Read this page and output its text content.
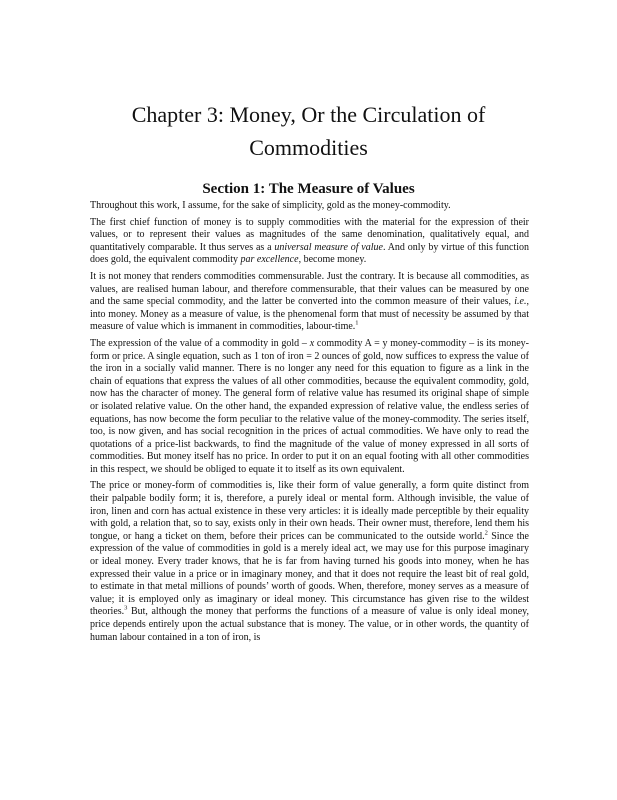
Chapter 3: Money, Or the Circulation of
Commodities
Section 1: The Measure of Values

Throughout this work, I assume, for the sake of simplicity, gold as the money-commodity.

The first chief function of money is to supply commodities with the material for the expression of their values, or to represent their values as magnitudes of the same denomination, qualitatively equal, and quantitatively comparable. It thus serves as a universal measure of value. And only by virtue of this function does gold, the equivalent commodity par excellence, become money.

It is not money that renders commodities commensurable. Just the contrary. It is because all commodities, as values, are realised human labour, and therefore commensurable, that their values can be measured by one and the same special commodity, and the latter be converted into the common measure of their values, i.e., into money. Money as a measure of value, is the phenomenal form that must of necessity be assumed by that measure of value which is immanent in commodities, labour-time.$^1$

The expression of the value of a commodity in gold – x commodity A = y money-commodity – is its money-form or price. A single equation, such as 1 ton of iron = 2 ounces of gold, now suffices to express the value of the iron in a socially valid manner. There is no longer any need for this equation to figure as a link in the chain of equations that express the values of all other commodities, because the equivalent commodity, gold, now has the character of money. The general form of relative value has resumed its original shape of simple or isolated relative value. On the other hand, the expanded expression of relative value, the endless series of equations, has now become the form peculiar to the relative value of the money-commodity. The series itself, too, is now given, and has social recognition in the prices of actual commodities. We have only to read the quotations of a price-list backwards, to find the magnitude of the value of money expressed in all sorts of commodities. But money itself has no price. In order to put it on an equal footing with all other commodities in this respect, we should be obliged to equate it to itself as its own equivalent.

The price or money-form of commodities is, like their form of value generally, a form quite distinct from their palpable bodily form; it is, therefore, a purely ideal or mental form. Although invisible, the value of iron, linen and corn has actual existence in these very articles: it is ideally made perceptible by their equality with gold, a relation that, so to say, exists only in their own heads. Their owner must, therefore, lend them his tongue, or hang a ticket on them, before their prices can be communicated to the outside world.$^2$ Since the expression of the value of commodities in gold is a merely ideal act, we may use for this purpose imaginary or ideal money. Every trader knows, that he is far from having turned his goods into money, when he has expressed their value in a price or in imaginary money, and that it does not require the least bit of real gold, to estimate in that metal millions of pounds’ worth of goods. When, therefore, money serves as a measure of value; it is employed only as imaginary or ideal money. This circumstance has given rise to the wildest theories.$^3$ But, although the money that performs the functions of a measure of value is only ideal money, price depends entirely upon the actual substance that is money. The value, or in other words, the quantity of human labour contained in a ton of iron, is
